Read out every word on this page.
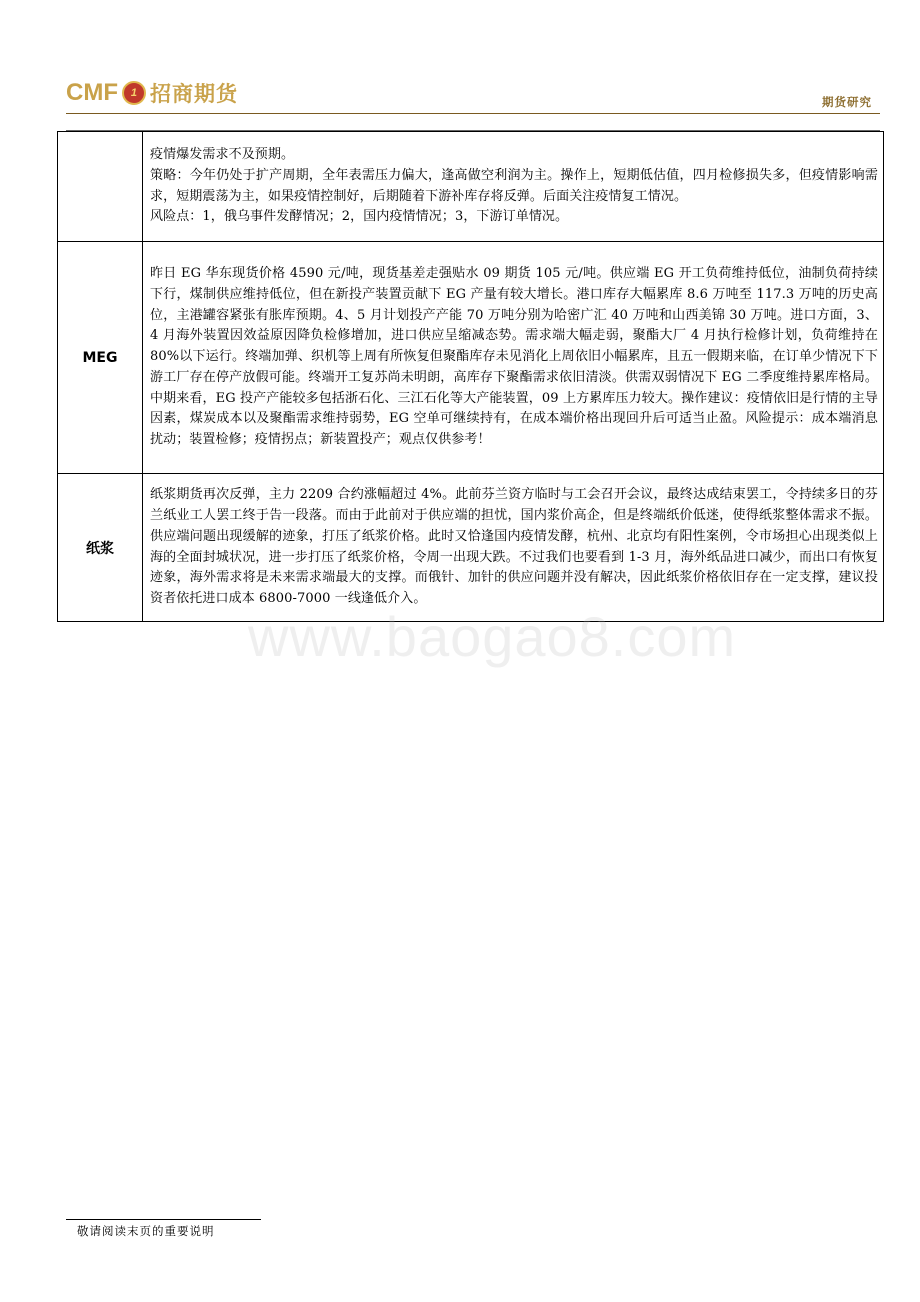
CMF	1 招商期货	期货研究

	疫情爆发需求不及预期。

策略：今年仍处于扩产周期，全年表需压力偏大，逢高做空利润为主。操作上，短期低估值，四月检修损失多，但疫情影响需求，短期震荡为主，如果疫情控制好，后期随着下游补库存将反弹。后面关注疫情复工情况。

风险点：1，俄乌事件发酵情况；2，国内疫情情况；3，下游订单情况。

MEG	昨日 EG 华东现货价格 4590 元/吨，现货基差走强贴水 09 期货 105 元/吨。供应端 EG 开工负荷维持低位，油制负荷持续下行，煤制供应维持低位，但在新投产装置贡献下 EG 产量有较大增长。港口库存大幅累库 8.6 万吨至 117.3 万吨的历史高位，主港罐容紧张有胀库预期。4、5 月计划投产产能 70 万吨分别为哈密广汇 40 万吨和山西美锦 30 万吨。进口方面，3、4 月海外装置因效益原因降负检修增加，进口供应呈缩减态势。需求端大幅走弱，聚酯大厂 4 月执行检修计划，负荷维持在 80%以下运行。终端加弹、织机等上周有所恢复但聚酯库存未见消化上周依旧小幅累库，且五一假期来临，在订单少情况下下游工厂存在停产放假可能。终端开工复苏尚未明朗，高库存下聚酯需求依旧清淡。供需双弱情况下 EG 二季度维持累库格局。中期来看，EG 投产产能较多包括浙石化、三江石化等大产能装置，09 上方累库压力较大。操作建议：疫情依旧是行情的主导因素，煤炭成本以及聚酯需求维持弱势，EG 空单可继续持有，在成本端价格出现回升后可适当止盈。风险提示：成本端消息扰动；装置检修；疫情拐点；新装置投产；观点仅供参考！

纸浆	纸浆期货再次反弹，主力 2209 合约涨幅超过 4%。此前芬兰资方临时与工会召开会议，最终达成结束罢工，令持续多日的芬兰纸业工人罢工终于告一段落。而由于此前对于供应端的担忧，国内浆价高企，但是终端纸价低迷，使得纸浆整体需求不振。供应端问题出现缓解的迹象，打压了纸浆价格。此时又恰逢国内疫情发酵，杭州、北京均有阳性案例，令市场担心出现类似上海的全面封城状况，进一步打压了纸浆价格，令周一出现大跌。不过我们也要看到 1-3 月，海外纸品进口减少，而出口有恢复迹象，海外需求将是未来需求端最大的支撑。而俄针、加针的供应问题并没有解决，因此纸浆价格依旧存在一定支撑，建议投资者依托进口成本 6800-7000 一线逢低介入。

www.baogao8.com
敬请阅读末页的重要说明
